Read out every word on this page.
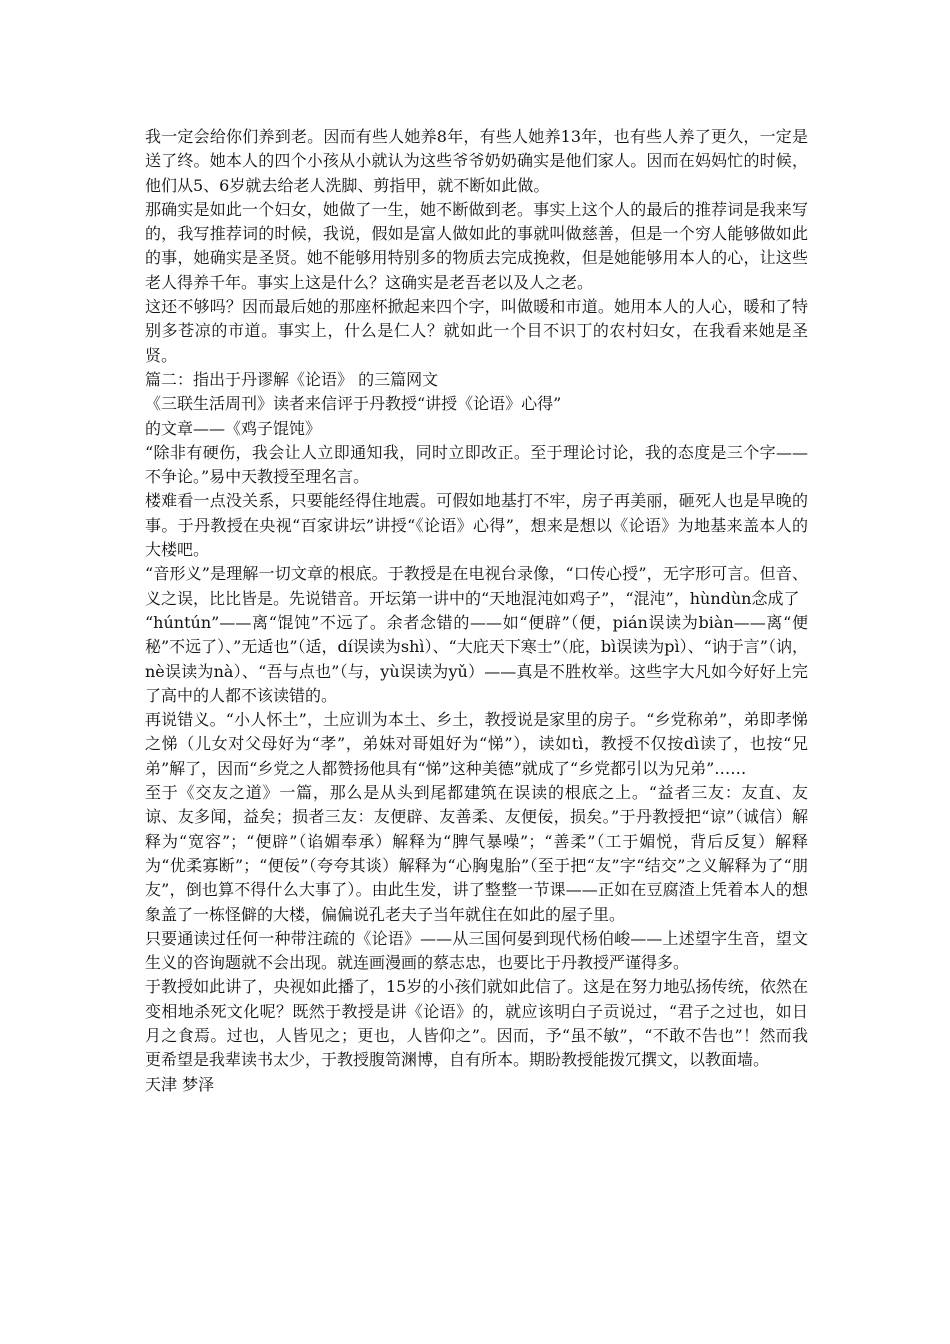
我一定会给你们养到老。因而有些人她养8年，有些人她养13年，也有些人养了更久，一定是送了终。她本人的四个小孩从小就认为这些爷爷奶奶确实是他们家人。因而在妈妈忙的时候，他们从5、6岁就去给老人洗脚、剪指甲，就不断如此做。

那确实是如此一个妇女，她做了一生，她不断做到老。事实上这个人的最后的推荐词是我来写的，我写推荐词的时候，我说，假如是富人做如此的事就叫做慈善，但是一个穷人能够做如此的事，她确实是圣贤。她不能够用特别多的物质去完成挽救，但是她能够用本人的心，让这些老人得养千年。事实上这是什么？这确实是老吾老以及人之老。

这还不够吗？因而最后她的那座杯掀起来四个字，叫做暖和市道。她用本人的人心，暖和了特别多苍凉的市道。事实上，什么是仁人？就如此一个目不识丁的农村妇女，在我看来她是圣贤。

篇二：指出于丹谬解《论语》 的三篇网文

《三联生活周刊》读者来信评于丹教授“讲授《论语》心得”

的文章——《鸡子馄饨》

“除非有硬伤，我会让人立即通知我，同时立即改正。至于理论讨论，我的态度是三个字——不争论。”易中天教授至理名言。

楼难看一点没关系，只要能经得住地震。可假如地基打不牢，房子再美丽，砸死人也是早晚的事。于丹教授在央视“百家讲坛”讲授“《论语》心得”，想来是想以《论语》为地基来盖本人的大楼吧。

“音形义”是理解一切文章的根底。于教授是在电视台录像，“口传心授”，无字形可言。但音、义之误，比比皆是。先说错音。开坛第一讲中的“天地混沌如鸡子”，“混沌”，hùndùn念成了

“húntún”——离“馄饨”不远了。余者念错的——如“便辟”（便，pián误读为biàn——离“便秘”不远了）、”无适也”（适，dí误读为shì）、“大庇天下寒士”（庇，bì误读为pì）、“讷于言”（讷，nè误读为nà）、“吾与点也”（与，yù误读为yǔ）——真是不胜枚举。这些字大凡如今好好上完了高中的人都不该读错的。

再说错义。“小人怀土”，土应训为本土、乡土，教授说是家里的房子。“乡党称弟”，弟即孝悌之悌（儿女对父母好为“孝”，弟妹对哥姐好为“悌”），读如tì，教授不仅按dì读了，也按“兄弟”解了，因而“乡党之人都赞扬他具有“悌”这种美德”就成了“乡党都引以为兄弟”……

至于《交友之道》一篇，那么是从头到尾都建筑在误读的根底之上。“益者三友：友直、友谅、友多闻，益矣；损者三友：友便辟、友善柔、友便佞，损矣。”于丹教授把“谅”（诚信）解释为“宽容”；“便辟”（谄媚奉承）解释为“脾气暴噪”；“善柔”（工于媚悦，背后反复）解释为“优柔寡断”；“便佞”（夸夸其谈）解释为“心胸鬼胎”（至于把“友”字“结交”之义解释为了“朋友”，倒也算不得什么大事了）。由此生发，讲了整整一节课——正如在豆腐渣上凭着本人的想象盖了一栋怪僻的大楼，偏偏说孔老夫子当年就住在如此的屋子里。

只要通读过任何一种带注疏的《论语》——从三国何晏到现代杨伯峻——上述望字生音，望文生义的咨询题就不会出现。就连画漫画的蔡志忠，也要比于丹教授严谨得多。

于教授如此讲了，央视如此播了，15岁的小孩们就如此信了。这是在努力地弘扬传统，依然在变相地杀死文化呢？既然于教授是讲《论语》的，就应该明白子贡说过，“君子之过也，如日月之食焉。过也，人皆见之；更也，人皆仰之”。因而，予“虽不敏”，“不敢不告也”！然而我更希望是我辈读书太少，于教授腹笥渊博，自有所本。期盼教授能拨冗撰文，以教面墙。

天津 梦泽
